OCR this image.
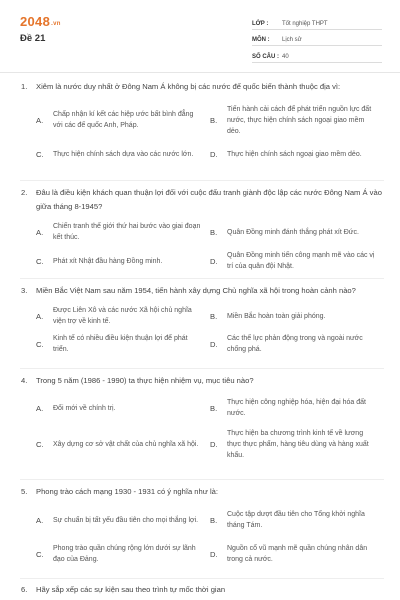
2048.vn
Đề 21
LỚP :	Tốt nghiệp THPT
MÔN :	Lịch sử
SỐ CÂU : 40
1. Xiêm là nước duy nhất ở Đông Nam Á không bị các nước đế quốc biến thành thuộc địa vì:
A.
Chấp nhận kí kết các hiệp ước bất bình đẳng với các đế quốc Anh, Pháp.
B.
Tiến hành cải cách để phát triển nguồn lực đất nước, thực hiện chính sách ngoại giao mềm dẻo.
C.	Thực hiện chính sách dựa vào các nước lớn.	D.	Thực hiện chính sách ngoại giao mềm dẻo.
2. Đâu là điều kiện khách quan thuận lợi đối với cuộc đấu tranh giành độc lập các nước Đông Nam Á vào giữa tháng 8-1945?
A.
Chiến tranh thế giới thứ hai bước vào giai đoạn kết thúc.
B.	Quân Đồng minh đánh thắng phát xít Đức.
C.	Phát xít Nhật đầu hàng Đồng minh.	D.
Quân Đồng minh tiến công mạnh mẽ vào các vị trí của quân đội Nhật.
3. Miền Bắc Việt Nam sau năm 1954, tiến hành xây dựng Chủ nghĩa xã hội trong hoàn cảnh nào?
A.
Được Liên Xô và các nước Xã hội chủ nghĩa viện trợ về kinh tế.
B.	Miền Bắc hoàn toàn giải phóng.
C.
Kinh tế có nhiều điều kiện thuận lợi để phát triển.
D.
Các thế lực phản động trong và ngoài nước chống phá.
4. Trong 5 năm (1986 - 1990) ta thực hiện nhiệm vụ, mục tiêu nào?
A.	Đổi mới về chính trị.	B.
Thực hiện công nghiệp hóa, hiện đại hóa đất nước.
C.	Xây dựng cơ sở vật chất của chủ nghĩa xã hội.	D.
Thực hiện ba chương trình kinh tế về lương thực thực phẩm, hàng tiêu dùng và hàng xuất khẩu.
5. Phong trào cách mạng 1930 - 1931 có ý nghĩa như là:
A.	Sự chuẩn bị tất yếu đầu tiên cho mọi thắng lợi.	B.
Cuộc tập dượt đầu tiên cho Tổng khởi nghĩa tháng Tám.
C.
Phong trào quần chúng rộng lớn dưới sự lãnh đạo của Đảng.
D.
Nguồn cổ vũ mạnh mẽ quần chúng nhân dân trong cả nước.
6. Hãy sắp xếp các sự kiện sau theo trình tự mốc thời gian
